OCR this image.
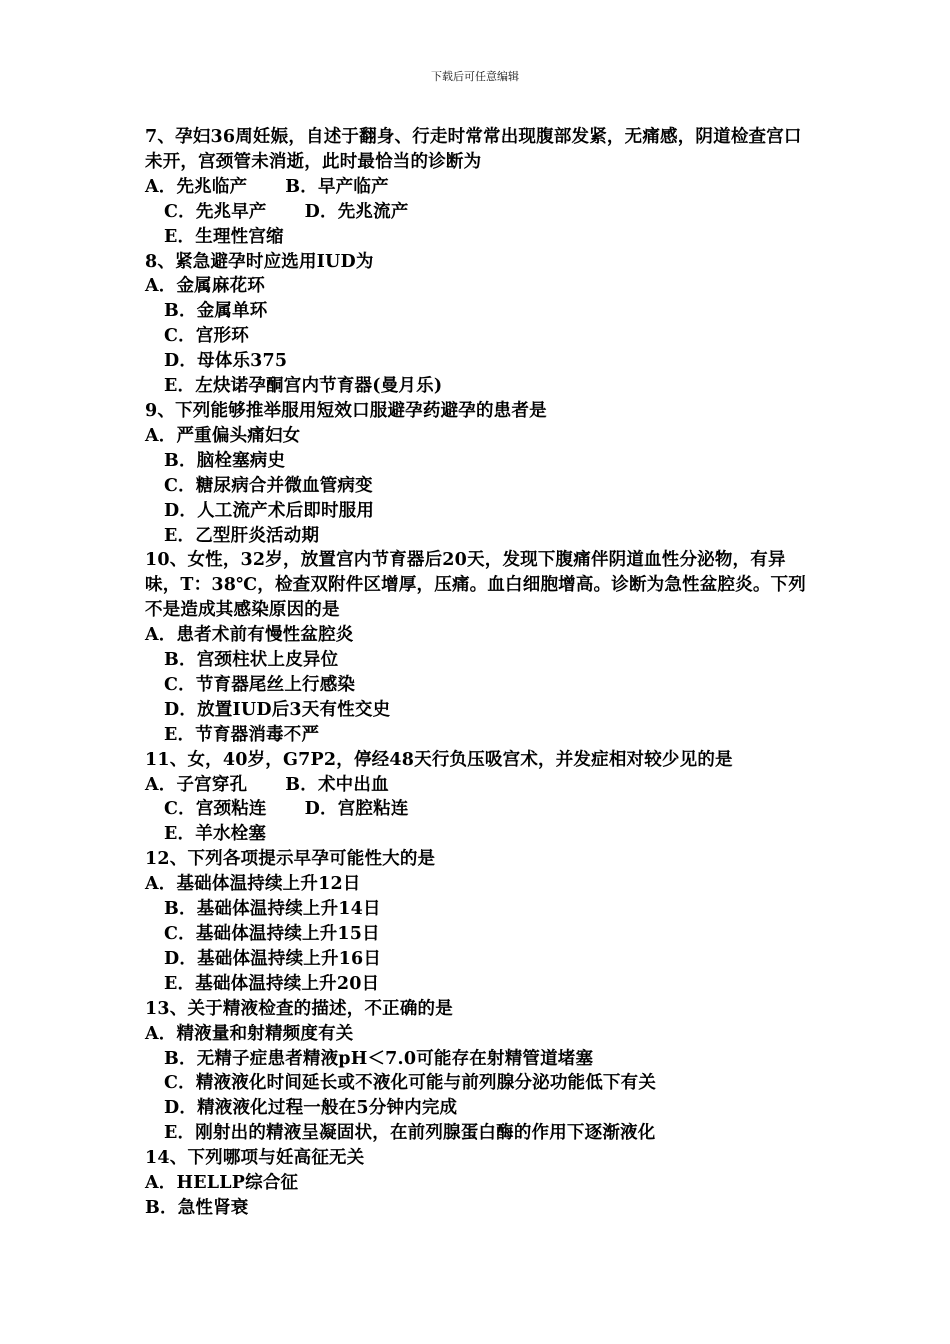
下载后可任意编辑
7、孕妇36周妊娠，自述于翻身、行走时常常出现腹部发紧，无痛感，阴道检查宫口未开，宫颈管未消逝，此时最恰当的诊断为
A．先兆临产 B．早产临产
C．先兆早产 D．先兆流产
E．生理性宫缩
8、紧急避孕时应选用IUD为
A．金属麻花环
B．金属单环
C．宫形环
D．母体乐375
E．左炔诺孕酮宫内节育器(曼月乐)
9、下列能够推举服用短效口服避孕药避孕的患者是
A．严重偏头痛妇女
B．脑栓塞病史
C．糖尿病合并微血管病变
D．人工流产术后即时服用
E．乙型肝炎活动期
10、女性，32岁，放置宫内节育器后20天，发现下腹痛伴阴道血性分泌物，有异味，T：38℃，检查双附件区增厚，压痛。血白细胞增高。诊断为急性盆腔炎。下列不是造成其感染原因的是
A．患者术前有慢性盆腔炎
B．宫颈柱状上皮异位
C．节育器尾丝上行感染
D．放置IUD后3天有性交史
E．节育器消毒不严
11、女，40岁，G7P2，停经48天行负压吸宫术，并发症相对较少见的是
A．子宫穿孔 B．术中出血
C．宫颈粘连 D．宫腔粘连
E．羊水栓塞
12、下列各项提示早孕可能性大的是
A．基础体温持续上升12日
B．基础体温持续上升14日
C．基础体温持续上升15日
D．基础体温持续上升16日
E．基础体温持续上升20日
13、关于精液检查的描述，不正确的是
A．精液量和射精频度有关
B．无精子症患者精液pH＜7.0可能存在射精管道堵塞
C．精液液化时间延长或不液化可能与前列腺分泌功能低下有关
D．精液液化过程一般在5分钟内完成
E．刚射出的精液呈凝固状，在前列腺蛋白酶的作用下逐渐液化
14、下列哪项与妊高征无关
A．HELLP综合征
B．急性肾衰
